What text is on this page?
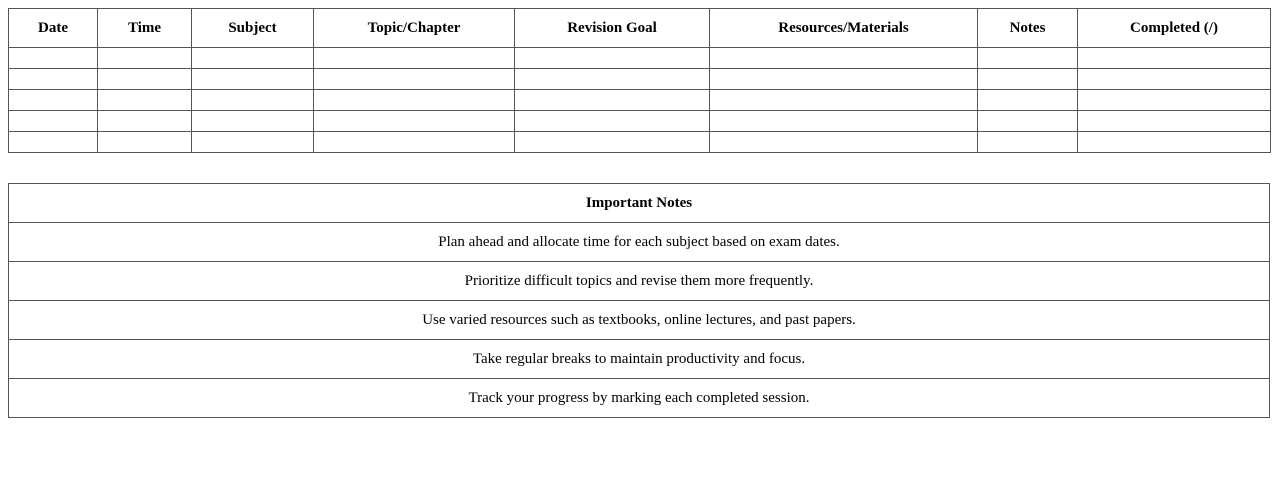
Date	Time	Subject	Topic/Chapter	Revision Goal	Resources/Materials	Notes	Completed (/)

Important Notes
Plan ahead and allocate time for each subject based on exam dates.
Prioritize difficult topics and revise them more frequently.
Use varied resources such as textbooks, online lectures, and past papers.
Take regular breaks to maintain productivity and focus.
Track your progress by marking each completed session.
